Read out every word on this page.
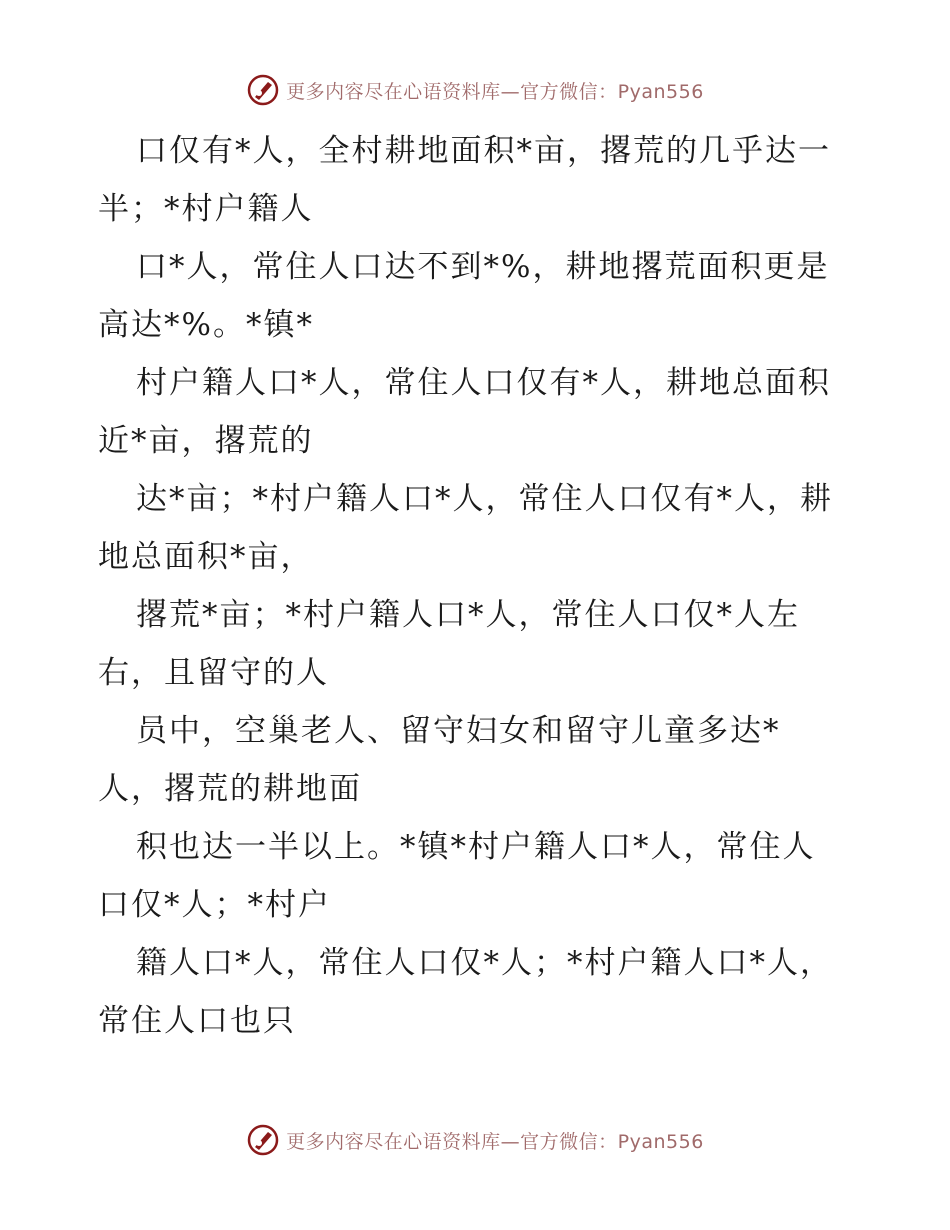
更多内容尽在心语资料库—官方微信：Pyan556
口仅有*人，全村耕地面积*亩，撂荒的几乎达一
半；*村户籍人
口*人，常住人口达不到*%，耕地撂荒面积更是
高达*%。*镇*
村户籍人口*人，常住人口仅有*人，耕地总面积
近*亩，撂荒的
达*亩；*村户籍人口*人，常住人口仅有*人，耕
地总面积*亩，
撂荒*亩；*村户籍人口*人，常住人口仅*人左
右，且留守的人
员中，空巢老人、留守妇女和留守儿童多达*
人，撂荒的耕地面
积也达一半以上。*镇*村户籍人口*人，常住人
口仅*人；*村户
籍人口*人，常住人口仅*人；*村户籍人口*人，
常住人口也只
更多内容尽在心语资料库—官方微信：Pyan556
